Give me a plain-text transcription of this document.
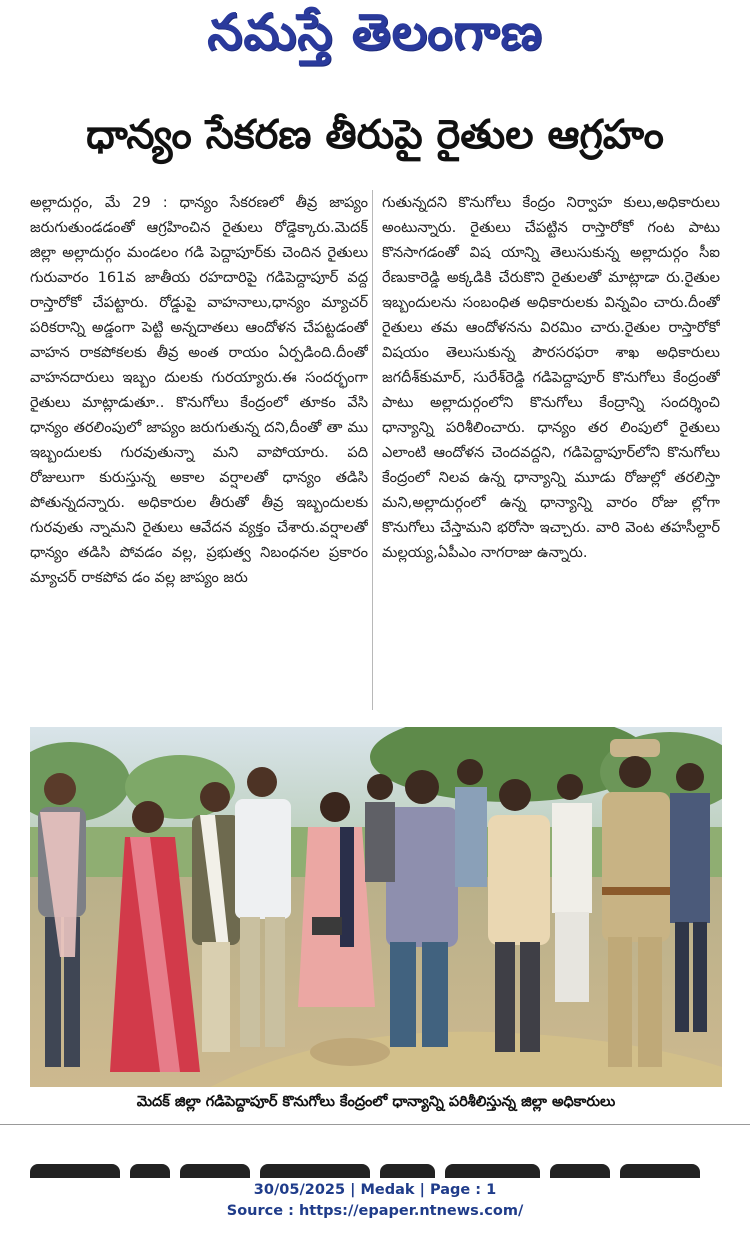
నమస్తే తెలంగాణ
ధాన్యం సేకరణ తీరుపై రైతుల ఆగ్రహం
అల్లాదుర్గం, మే 29 : ధాన్యం సేకరణలో తీవ్ర జాప్యం జరుగుతుండడంతో ఆగ్రహించిన రైతులు రోడ్డెక్కారు.మెదక్ జిల్లా అల్లాదుర్గం మండలం గడి పెద్దాపూర్‌కు చెందిన రైతులు గురువారం 161వ జాతీయ రహదారిపై గడిపెద్దాపూర్ వద్ద రాస్తారోకో చేపట్టారు. రోడ్డుపై వాహనాలు,ధాన్యం మ్యాచర్ పరికరాన్ని అడ్డంగా పెట్టి అన్నదాతలు ఆందోళన చేపట్టడంతో వాహన రాకపోకలకు తీవ్ర అంత రాయం ఏర్పడింది.దీంతో వాహనదారులు ఇబ్బం దులకు గురయ్యారు.ఈ సందర్భంగా రైతులు మాట్లాడుతూ.. కొనుగోలు కేంద్రంలో తూకం వేసి ధాన్యం తరలింపులో జాప్యం జరుగుతున్న దని,దీంతో తా ము ఇబ్బందులకు గురవుతున్నా మని వాపోయారు. పది రోజులుగా కురుస్తున్న అకాల వర్షాలతో ధాన్యం తడిసి పోతున్నదన్నారు. అధికారుల తీరుతో తీవ్ర ఇబ్బందులకు గురవుతు న్నామని రైతులు ఆవేదన వ్యక్తం చేశారు.వర్షాలతో ధాన్యం తడిసి పోవడం వల్ల, ప్రభుత్వ నిబంధనల ప్రకారం మ్యాచర్ రాకపోవ డం వల్ల జాప్యం జరు
గుతున్నదని కొనుగోలు కేంద్రం నిర్వాహ కులు,అధికారులు అంటున్నారు. రైతులు చేపట్టిన రాస్తారోకో గంట పాటు కొనసాగడంతో విష యాన్ని తెలుసుకున్న అల్లాదుర్గం సీఐ రేణుకారెడ్డి అక్కడికి చేరుకొని రైతులతో మాట్లాడా రు.రైతుల ఇబ్బందులను సంబంధిత అధికారులకు విన్నవిం చారు.దీంతో రైతులు తమ ఆందోళనను విరమిం చారు.రైతుల రాస్తారోకో విషయం తెలుసుకున్న పౌరసరఫరా శాఖ అధికారులు జగదీశ్‌కుమార్, సురేశ్‌రెడ్డి గడిపెద్దాపూర్ కొనుగోలు కేంద్రంతో పాటు అల్లాదుర్గంలోని కొనుగోలు కేంద్రాన్ని సందర్శించి ధాన్యాన్ని పరిశీలించారు. ధాన్యం తర లింపులో రైతులు ఎలాంటి ఆందోళన చెందవద్దని, గడిపెద్దాపూర్‌లోని కొనుగోలు కేంద్రంలో నిలవ ఉన్న ధాన్యాన్ని మూడు రోజుల్లో తరలిస్తా మని,అల్లాదుర్గంలో ఉన్న ధాన్యాన్ని వారం రోజు ల్లోగా కొనుగోలు చేస్తామని భరోసా ఇచ్చారు. వారి వెంట తహసీల్దార్ మల్లయ్య,ఏపీఎం నాగరాజు ఉన్నారు.
మెదక్ జిల్లా గడిపెద్దాపూర్ కొనుగోలు కేంద్రంలో ధాన్యాన్ని పరిశీలిస్తున్న జిల్లా అధికారులు
30/05/2025 | Medak | Page : 1
Source : https://epaper.ntnews.com/
